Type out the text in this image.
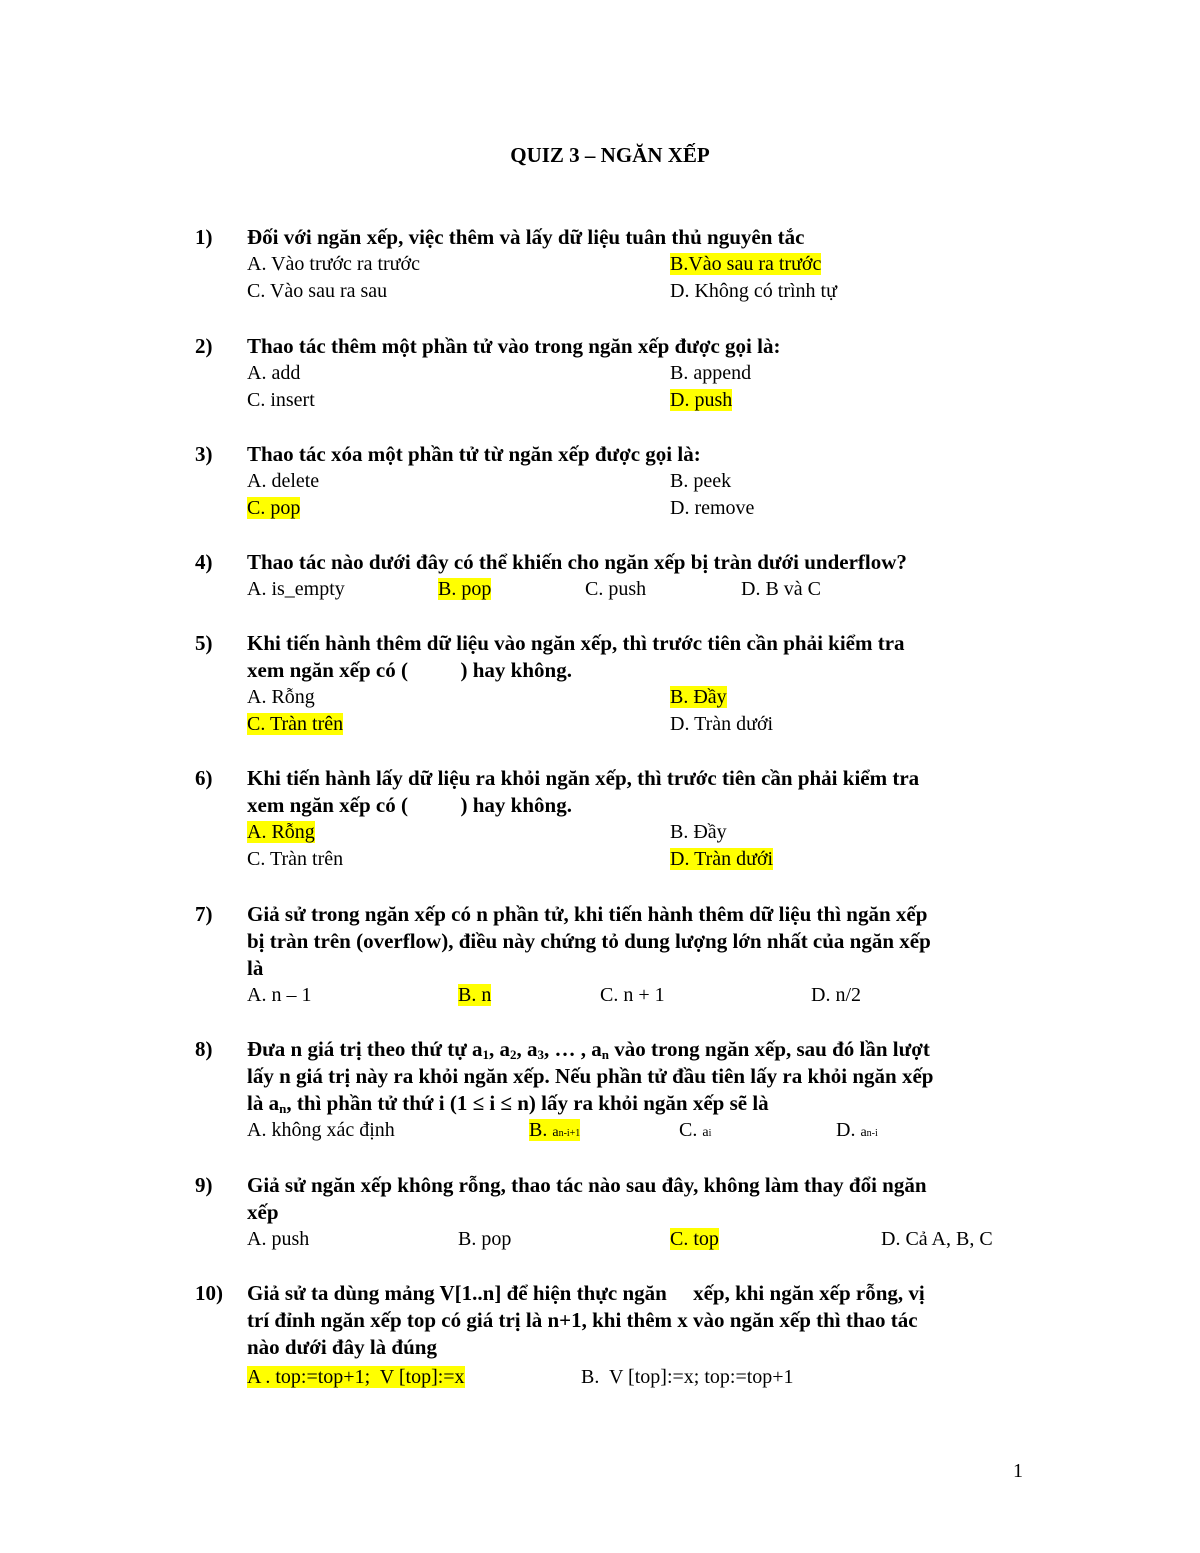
QUIZ 3 – NGĂN XẾP
1) Đối với ngăn xếp, việc thêm và lấy dữ liệu tuân thủ nguyên tắc
A. Vào trước ra trước	B.Vào sau ra trước
C. Vào sau ra sau	D. Không có trình tự
2) Thao tác thêm một phần tử vào trong ngăn xếp được gọi là:
A. add	B. append
C. insert	D. push
3) Thao tác xóa một phần tử từ ngăn xếp được gọi là:
A. delete	B. peek
C. pop	D. remove
4) Thao tác nào dưới đây có thể khiến cho ngăn xếp bị tràn dưới underflow?
A. is_empty	B. pop	C. push	D. B và C
5) Khi tiến hành thêm dữ liệu vào ngăn xếp, thì trước tiên cần phải kiểm tra
xem ngăn xếp có (          ) hay không.
A. Rỗng	B. Đầy
C. Tràn trên	D. Tràn dưới
6) Khi tiến hành lấy dữ liệu ra khỏi ngăn xếp, thì trước tiên cần phải kiểm tra
xem ngăn xếp có (          ) hay không.
A. Rỗng	B. Đầy
C. Tràn trên	D. Tràn dưới
7) Giả sử trong ngăn xếp có n phần tử, khi tiến hành thêm dữ liệu thì ngăn xếp
bị tràn trên (overflow), điều này chứng tỏ dung lượng lớn nhất của ngăn xếp
là
A. n – 1	B. n	C. n + 1	D. n/2
8) Đưa n giá trị theo thứ tự $a_1$, $a_2$, $a_3$, … , $a_n$ vào trong ngăn xếp, sau đó lần lượt
lấy n giá trị này ra khỏi ngăn xếp. Nếu phần tử đầu tiên lấy ra khỏi ngăn xếp
là $a_n$, thì phần tử thứ i (1 ≤ i ≤ n) lấy ra khỏi ngăn xếp sẽ là
A. không xác định	B. an-i+1	C. ai	D. an-i
9) Giả sử ngăn xếp không rỗng, thao tác nào sau đây, không làm thay đổi ngăn
xếp
A. push	B. pop	C. top	D. Cả A, B, C
10) Giả sử ta dùng mảng V[1..n] để hiện thực ngăn     xếp, khi ngăn xếp rỗng, vị
trí đỉnh ngăn xếp top có giá trị là n+1, khi thêm x vào ngăn xếp thì thao tác
nào dưới đây là đúng
A . top:=top+1;  V [top]:=x	B.  V [top]:=x; top:=top+1
1
